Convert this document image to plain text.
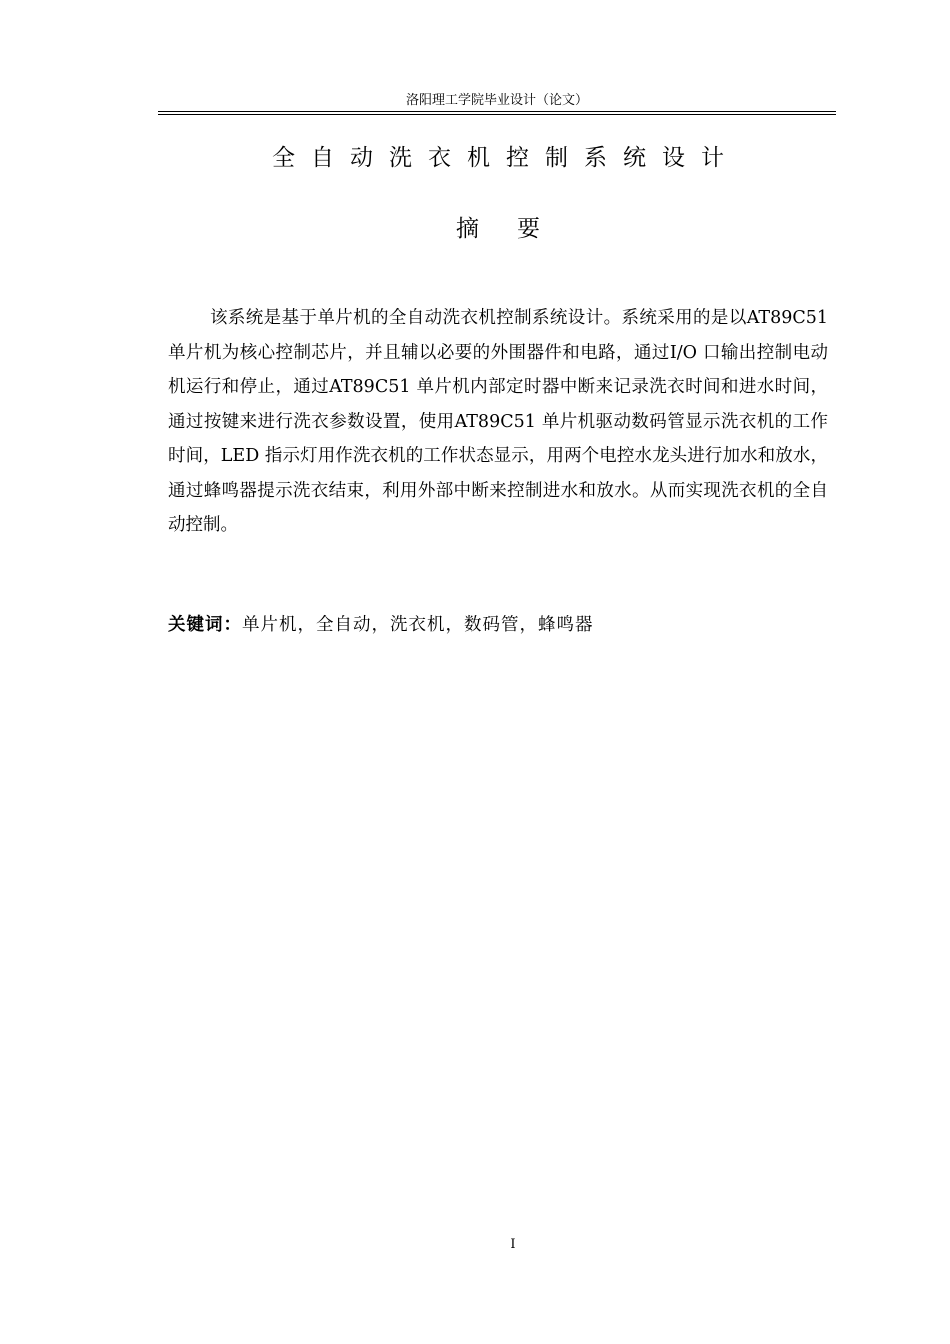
洛阳理工学院毕业设计（论文）
全自动洗衣机控制系统设计
摘要

该系统是基于单片机的全自动洗衣机控制系统设计。系统采用的是以AT89C51 单片机为核心控制芯片，并且辅以必要的外围器件和电路，通过I/O 口输出控制电动机运行和停止，通过AT89C51 单片机内部定时器中断来记录洗衣时间和进水时间，通过按键来进行洗衣参数设置，使用AT89C51 单片机驱动数码管显示洗衣机的工作时间，LED 指示灯用作洗衣机的工作状态显示，用两个电控水龙头进行加水和放水，通过蜂鸣器提示洗衣结束，利用外部中断来控制进水和放水。从而实现洗衣机的全自动控制。

关键词：单片机，全自动，洗衣机，数码管，蜂鸣器
I
